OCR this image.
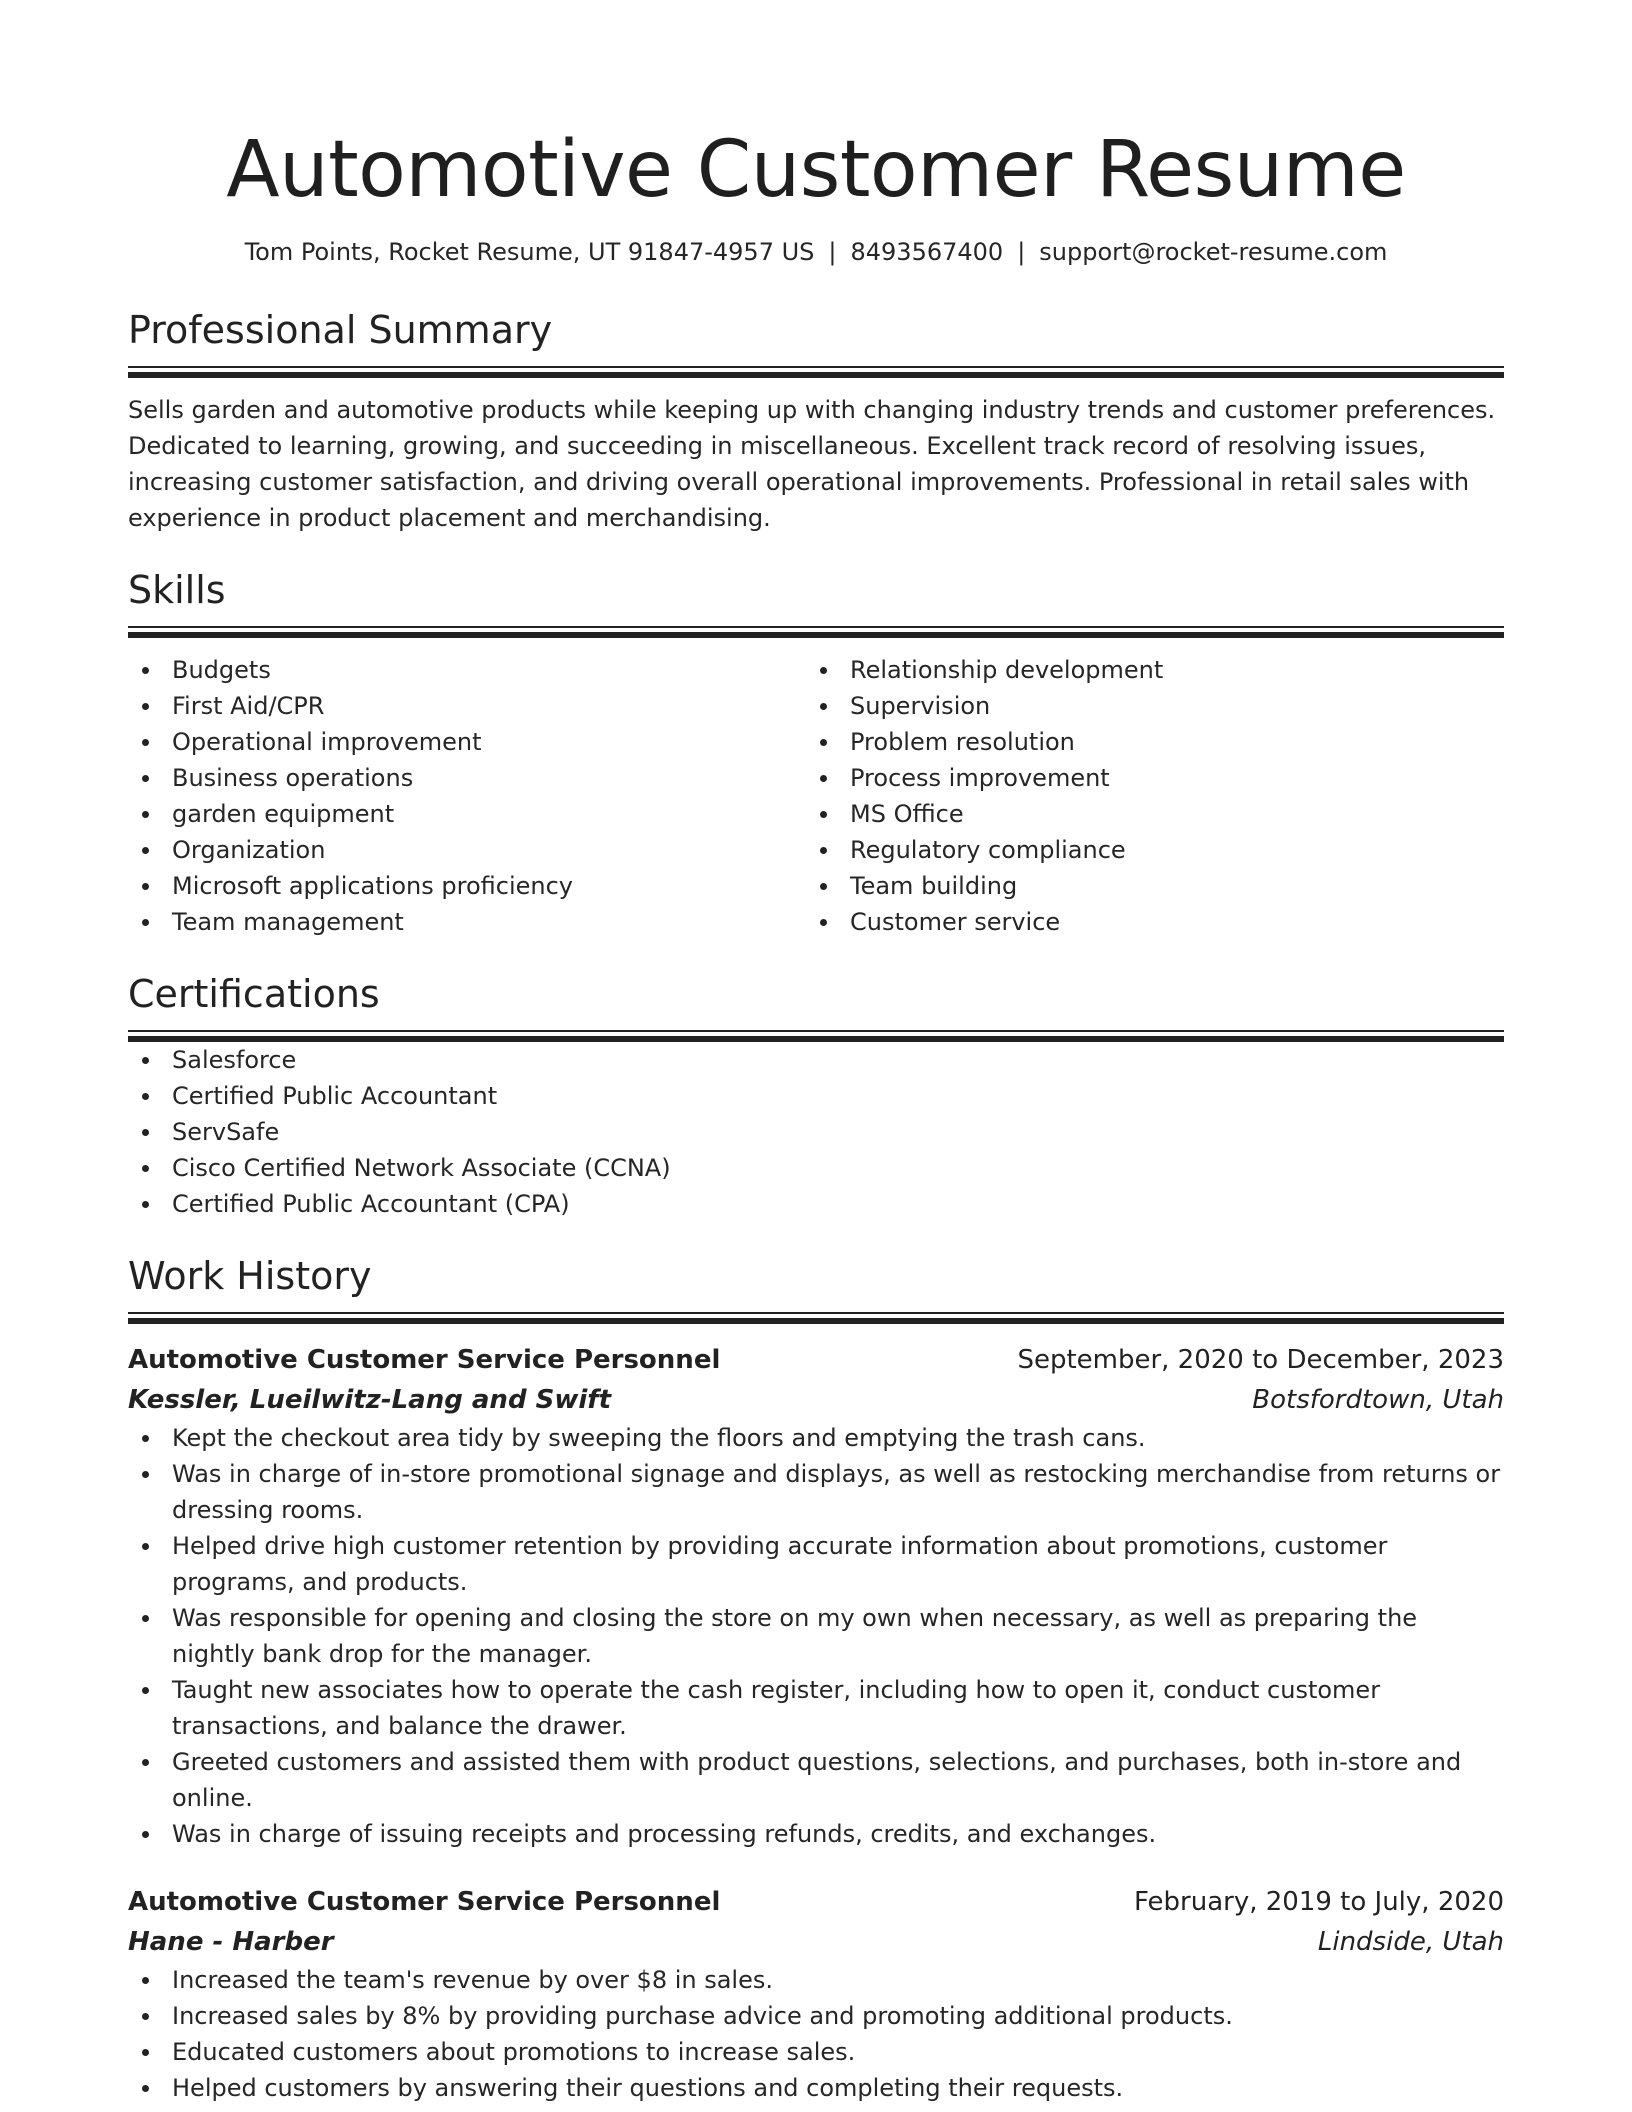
Automotive Customer Resume
Tom Points, Rocket Resume, UT 91847-4957 US | 8493567400 | support@rocket-resume.com
Professional Summary
Sells garden and automotive products while keeping up with changing industry trends and customer preferences. Dedicated to learning, growing, and succeeding in miscellaneous. Excellent track record of resolving issues, increasing customer satisfaction, and driving overall operational improvements. Professional in retail sales with experience in product placement and merchandising.
Skills
Budgets
First Aid/CPR
Operational improvement
Business operations
garden equipment
Organization
Microsoft applications proficiency
Team management
Relationship development
Supervision
Problem resolution
Process improvement
MS Office
Regulatory compliance
Team building
Customer service
Certifications
Salesforce
Certified Public Accountant
ServSafe
Cisco Certified Network Associate (CCNA)
Certified Public Accountant (CPA)
Work History
Automotive Customer Service Personnel	September, 2020 to December, 2023
Kessler, Lueilwitz-Lang and Swift	Botsfordtown, Utah
Kept the checkout area tidy by sweeping the floors and emptying the trash cans.
Was in charge of in-store promotional signage and displays, as well as restocking merchandise from returns or dressing rooms.
Helped drive high customer retention by providing accurate information about promotions, customer programs, and products.
Was responsible for opening and closing the store on my own when necessary, as well as preparing the nightly bank drop for the manager.
Taught new associates how to operate the cash register, including how to open it, conduct customer transactions, and balance the drawer.
Greeted customers and assisted them with product questions, selections, and purchases, both in-store and online.
Was in charge of issuing receipts and processing refunds, credits, and exchanges.
Automotive Customer Service Personnel	February, 2019 to July, 2020
Hane - Harber	Lindside, Utah
Increased the team's revenue by over $8 in sales.
Increased sales by 8% by providing purchase advice and promoting additional products.
Educated customers about promotions to increase sales.
Helped customers by answering their questions and completing their requests.
